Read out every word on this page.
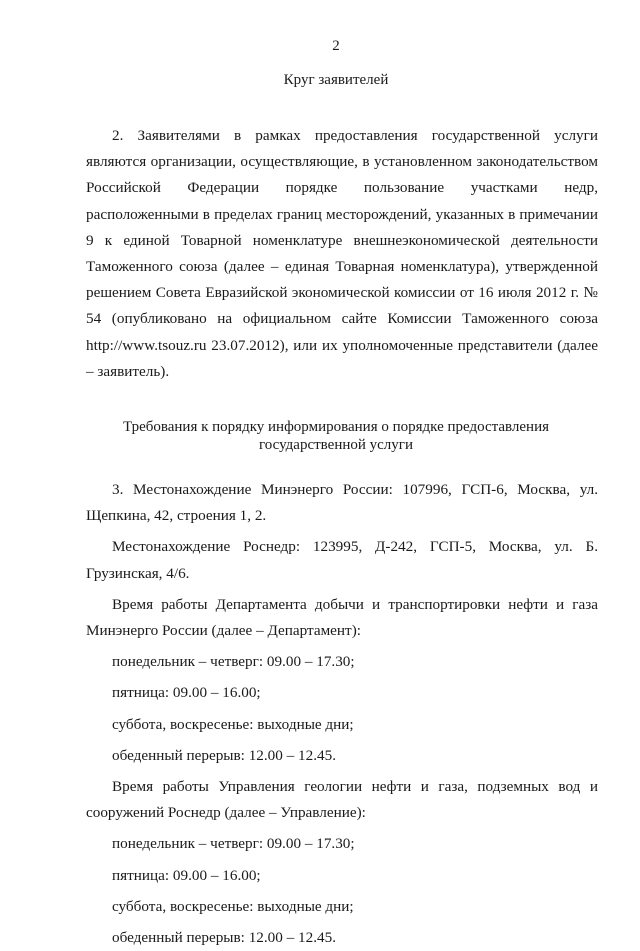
2
Круг заявителей

2. Заявителями в рамках предоставления государственной услуги являются организации, осуществляющие, в установленном законодательством Российской Федерации порядке пользование участками недр, расположенными в пределах границ месторождений, указанных в примечании 9 к единой Товарной номенклатуре внешнеэкономической деятельности Таможенного союза (далее – единая Товарная номенклатура), утвержденной решением Совета Евразийской экономической комиссии от 16 июля 2012 г. № 54 (опубликовано на официальном сайте Комиссии Таможенного союза http://www.tsouz.ru 23.07.2012), или их уполномоченные представители (далее – заявитель).

Требования к порядку информирования о порядке предоставления
государственной услуги

3. Местонахождение Минэнерго России: 107996, ГСП-6, Москва, ул. Щепкина, 42, строения 1, 2.

Местонахождение Роснедр: 123995, Д-242, ГСП-5, Москва, ул. Б. Грузинская, 4/6.

Время работы Департамента добычи и транспортировки нефти и газа Минэнерго России (далее – Департамент):

понедельник – четверг: 09.00 – 17.30;
пятница: 09.00 – 16.00;
суббота, воскресенье: выходные дни;
обеденный перерыв: 12.00 – 12.45.

Время работы Управления геологии нефти и газа, подземных вод и сооружений Роснедр (далее – Управление):

понедельник – четверг: 09.00 – 17.30;
пятница: 09.00 – 16.00;
суббота, воскресенье: выходные дни;
обеденный перерыв: 12.00 – 12.45.
